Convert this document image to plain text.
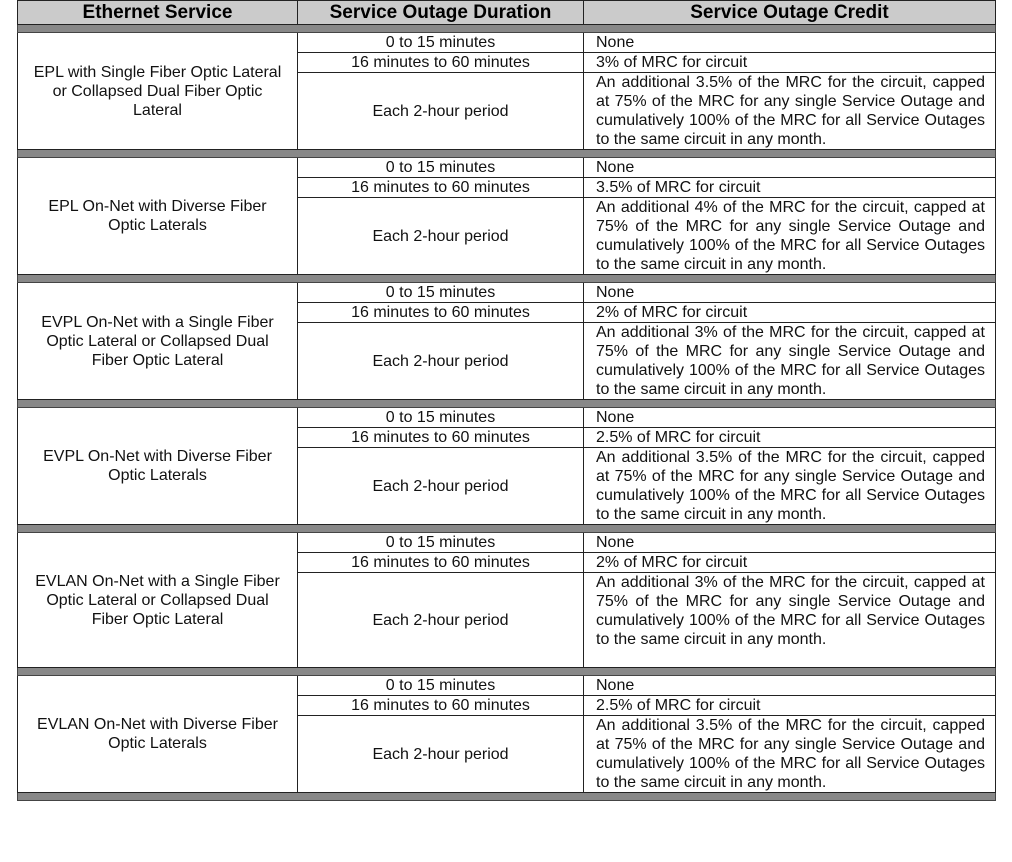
Ethernet Service	Service Outage Duration	Service Outage Credit

EPL with Single Fiber Optic Lateral or Collapsed Dual Fiber Optic Lateral	0 to 15 minutes	None
	16 minutes to 60 minutes	3% of MRC for circuit
	Each 2-hour period	An additional 3.5% of the MRC for the circuit, capped at 75% of the MRC for any single Service Outage and cumulatively 100% of the MRC for all Service Outages to the same circuit in any month.

EPL On-Net with Diverse Fiber Optic Laterals	0 to 15 minutes	None
	16 minutes to 60 minutes	3.5% of MRC for circuit
	Each 2-hour period	An additional 4% of the MRC for the circuit, capped at 75% of the MRC for any single Service Outage and cumulatively 100% of the MRC for all Service Outages to the same circuit in any month.

EVPL On-Net with a Single Fiber Optic Lateral or Collapsed Dual Fiber Optic Lateral	0 to 15 minutes	None
	16 minutes to 60 minutes	2% of MRC for circuit
	Each 2-hour period	An additional 3% of the MRC for the circuit, capped at 75% of the MRC for any single Service Outage and cumulatively 100% of the MRC for all Service Outages to the same circuit in any month.

EVPL On-Net with Diverse Fiber Optic Laterals	0 to 15 minutes	None
	16 minutes to 60 minutes	2.5% of MRC for circuit
	Each 2-hour period	An additional 3.5% of the MRC for the circuit, capped at 75% of the MRC for any single Service Outage and cumulatively 100% of the MRC for all Service Outages to the same circuit in any month.

EVLAN On-Net with a Single Fiber Optic Lateral or Collapsed Dual Fiber Optic Lateral	0 to 15 minutes	None
	16 minutes to 60 minutes	2% of MRC for circuit
	Each 2-hour period	An additional 3% of the MRC for the circuit, capped at 75% of the MRC for any single Service Outage and cumulatively 100% of the MRC for all Service Outages to the same circuit in any month.

EVLAN On-Net with Diverse Fiber Optic Laterals	0 to 15 minutes	None
	16 minutes to 60 minutes	2.5% of MRC for circuit
	Each 2-hour period	An additional 3.5% of the MRC for the circuit, capped at 75% of the MRC for any single Service Outage and cumulatively 100% of the MRC for all Service Outages to the same circuit in any month.
